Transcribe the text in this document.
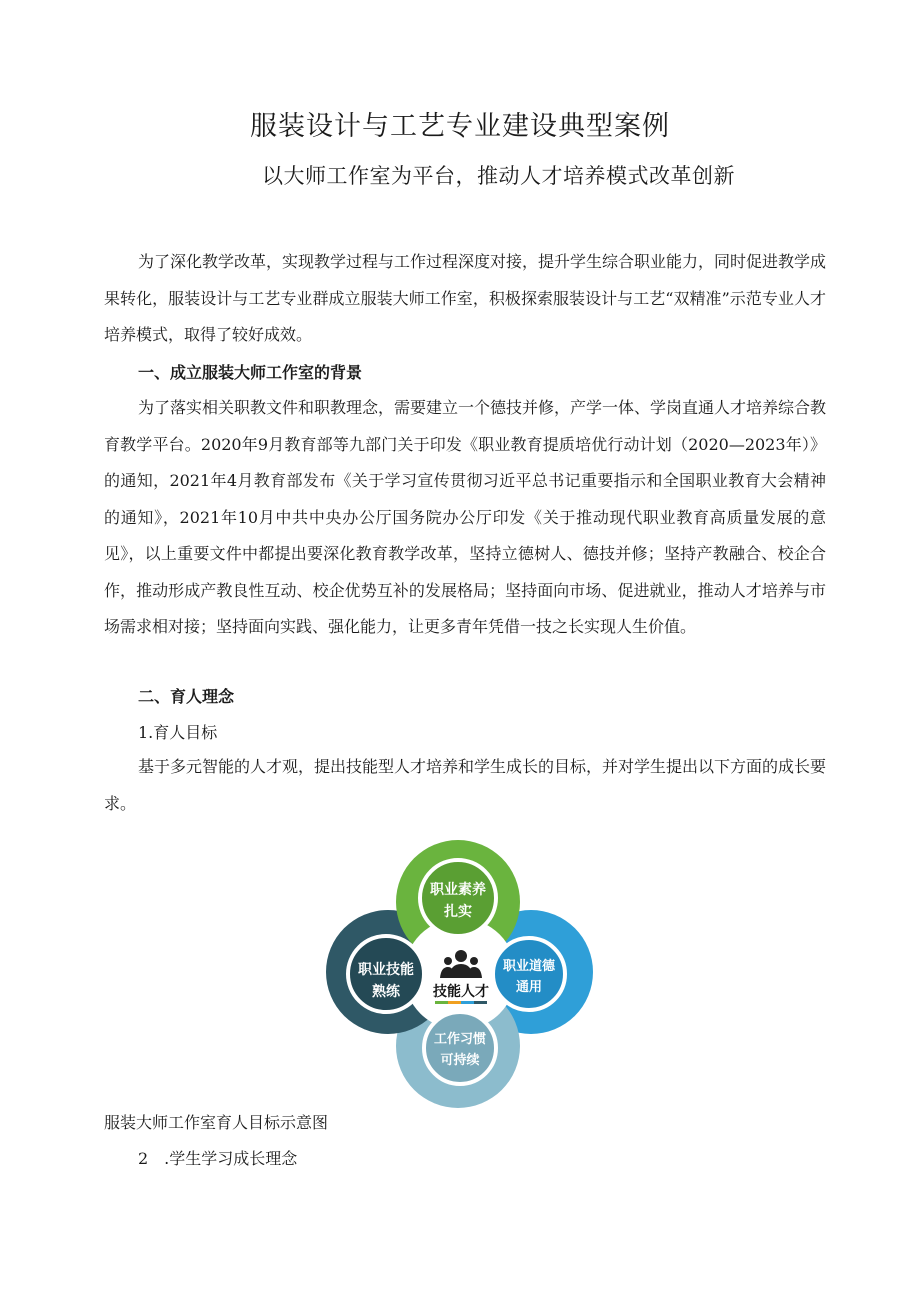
服装设计与工艺专业建设典型案例
以大师工作室为平台，推动人才培养模式改革创新

为了深化教学改革，实现教学过程与工作过程深度对接，提升学生综合职业能力，同时促进教学成果转化，服装设计与工艺专业群成立服装大师工作室，积极探索服装设计与工艺“双精准”示范专业人才培养模式，取得了较好成效。

一、成立服装大师工作室的背景

为了落实相关职教文件和职教理念，需要建立一个德技并修，产学一体、学岗直通人才培养综合教育教学平台。2020年9月教育部等九部门关于印发《职业教育提质培优行动计划（2020—2023年）》的通知，2021年4月教育部发布《关于学习宣传贯彻习近平总书记重要指示和全国职业教育大会精神的通知》，2021年10月中共中央办公厅国务院办公厅印发《关于推动现代职业教育高质量发展的意见》，以上重要文件中都提出要深化教育教学改革，坚持立德树人、德技并修；坚持产教融合、校企合作，推动形成产教良性互动、校企优势互补的发展格局；坚持面向市场、促进就业，推动人才培养与市场需求相对接；坚持面向实践、强化能力，让更多青年凭借一技之长实现人生价值。

二、育人理念
1.育人目标

基于多元智能的人才观，提出技能型人才培养和学生成长的目标，并对学生提出以下方面的成长要求。

职业素养
扎实
职业道德
通用
工作习惯
可持续
职业技能
熟练 技能人才
服装大师工作室育人目标示意图
2　.学生学习成长理念
